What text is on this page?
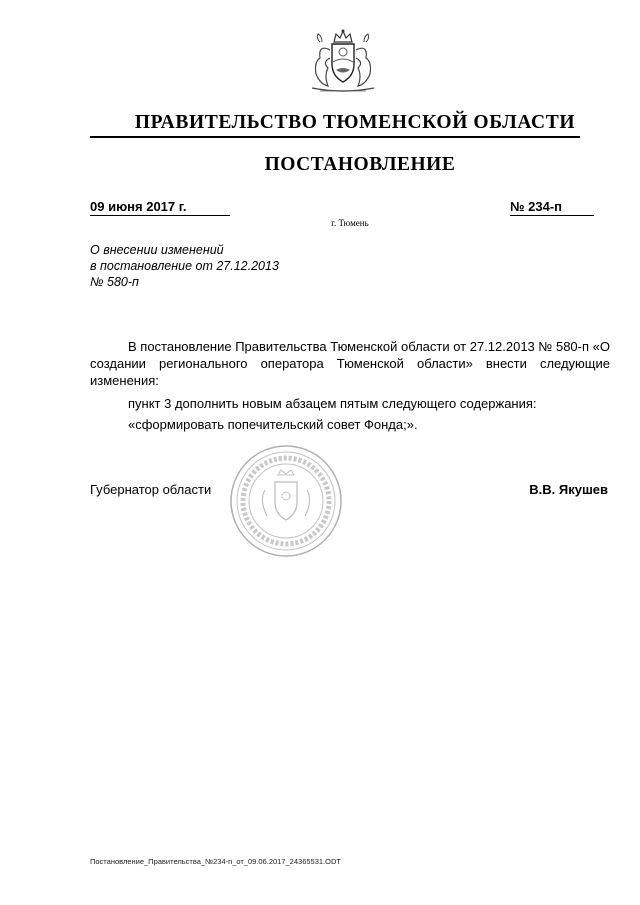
ПРАВИТЕЛЬСТВО ТЮМЕНСКОЙ ОБЛАСТИ
ПОСТАНОВЛЕНИЕ
09 июня 2017 г.	№ 234-п
г. Тюмень
О внесении изменений
в постановление от 27.12.2013
№ 580-п
В постановление Правительства Тюменской области от 27.12.2013 № 580-п «О создании регионального оператора Тюменской области» внести следующие изменения:
пункт 3 дополнить новым абзацем пятым следующего содержания:
«сформировать попечительский совет Фонда;».
Губернатор области	В.В. Якушев
Постановление_Правительства_№234-п_от_09.06.2017_24365531.ODT
